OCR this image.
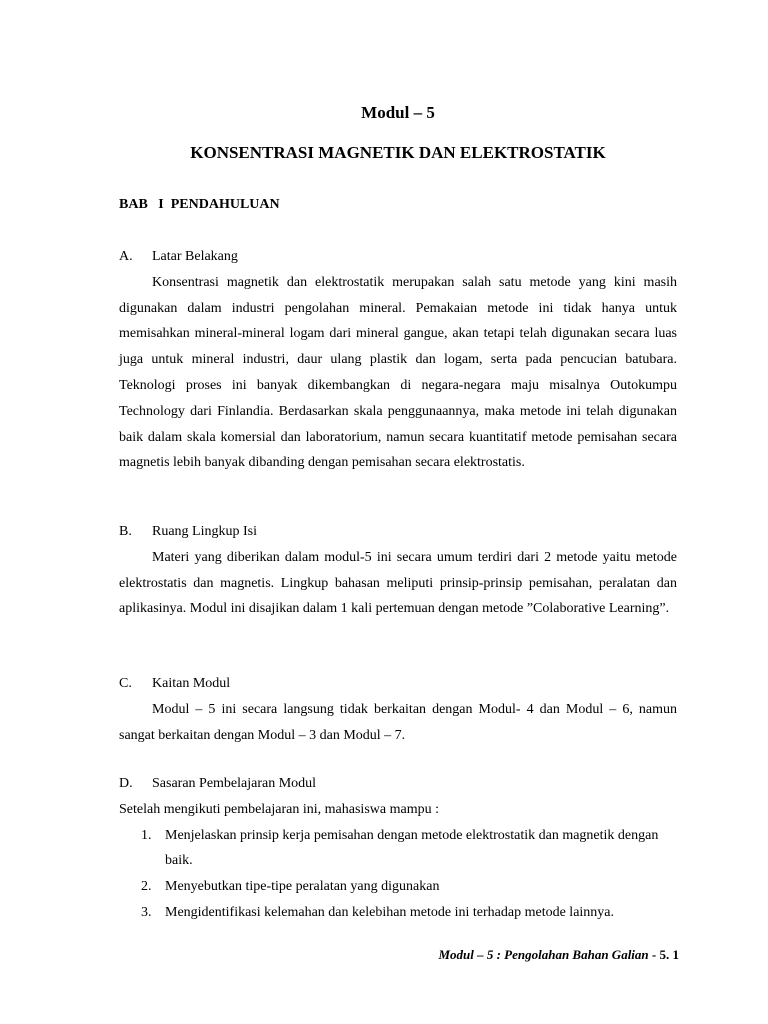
Modul – 5
KONSENTRASI MAGNETIK DAN ELEKTROSTATIK
BAB   I  PENDAHULUAN
A.	Latar Belakang

Konsentrasi magnetik dan elektrostatik merupakan salah satu metode yang kini masih digunakan dalam industri pengolahan mineral. Pemakaian metode ini tidak hanya untuk memisahkan mineral-mineral logam dari mineral gangue, akan tetapi telah digunakan secara luas juga untuk mineral industri, daur ulang plastik dan logam, serta pada pencucian batubara. Teknologi proses ini banyak dikembangkan di negara-negara maju misalnya Outokumpu Technology dari Finlandia. Berdasarkan skala penggunaannya, maka metode ini telah digunakan baik dalam skala komersial dan laboratorium, namun secara kuantitatif metode pemisahan secara magnetis lebih banyak dibanding dengan pemisahan secara elektrostatis.

B.	Ruang Lingkup Isi

Materi yang diberikan dalam modul-5 ini secara umum terdiri dari 2 metode yaitu metode elektrostatis dan magnetis. Lingkup bahasan meliputi prinsip-prinsip pemisahan, peralatan dan aplikasinya. Modul ini disajikan dalam 1 kali pertemuan dengan metode ”Colaborative Learning”.

C.	Kaitan Modul

Modul – 5 ini secara langsung tidak berkaitan dengan Modul- 4 dan Modul – 6, namun sangat berkaitan dengan Modul – 3 dan Modul – 7.

D.	Sasaran Pembelajaran Modul

Setelah mengikuti pembelajaran ini, mahasiswa mampu :

1. Menjelaskan prinsip kerja pemisahan dengan metode elektrostatik dan magnetik dengan baik.
2. Menyebutkan tipe-tipe peralatan yang digunakan
3. Mengidentifikasi kelemahan dan kelebihan metode ini terhadap metode lainnya.
Modul – 5 : Pengolahan Bahan Galian - 5. 1
